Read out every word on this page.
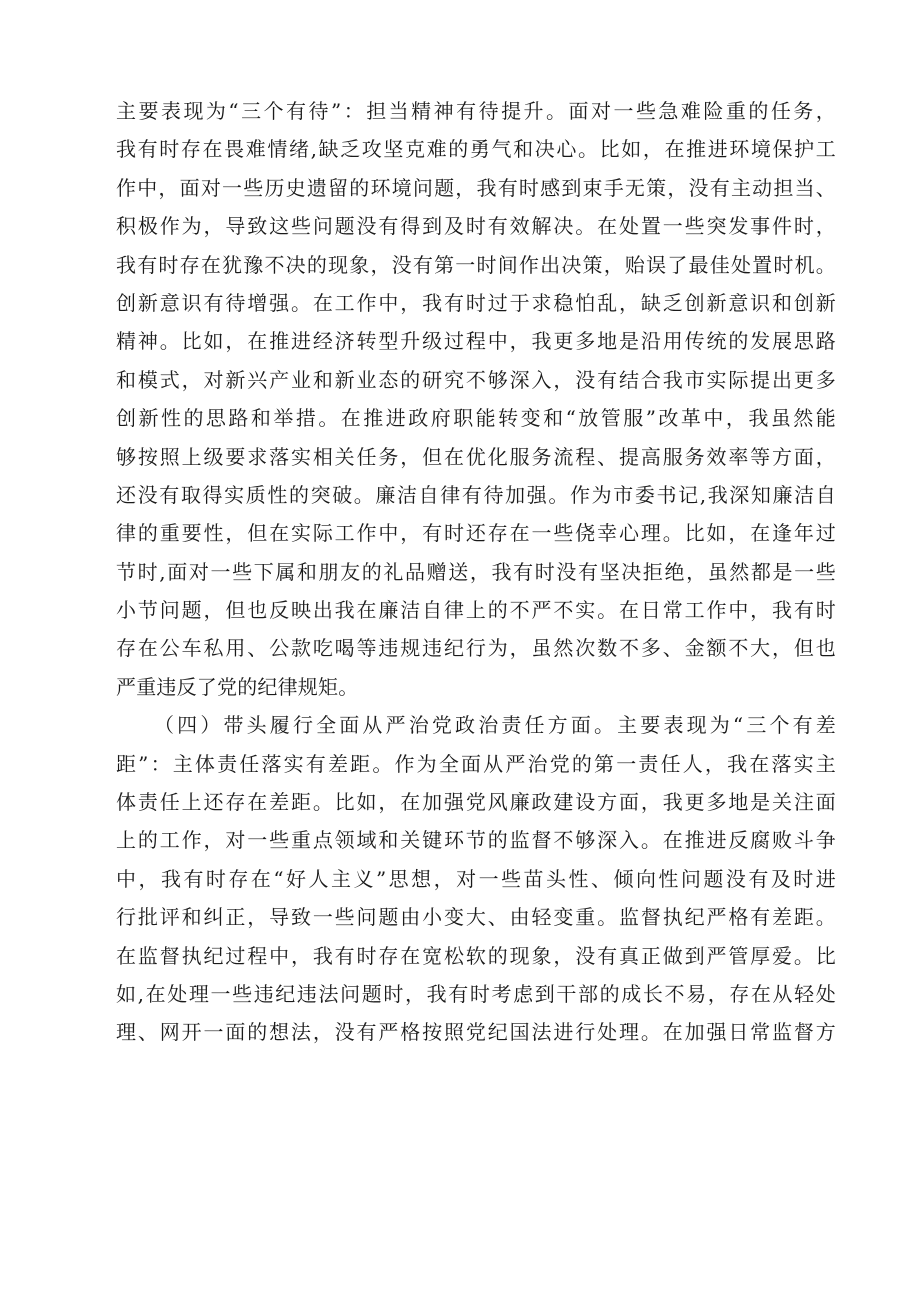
主要表现为“三个有待”：担当精神有待提升。面对一些急难险重的任务，
我有时存在畏难情绪,缺乏攻坚克难的勇气和决心。比如，在推进环境保护工
作中，面对一些历史遗留的环境问题，我有时感到束手无策，没有主动担当、
积极作为，导致这些问题没有得到及时有效解决。在处置一些突发事件时，
我有时存在犹豫不决的现象，没有第一时间作出决策，贻误了最佳处置时机。
创新意识有待增强。在工作中，我有时过于求稳怕乱，缺乏创新意识和创新
精神。比如，在推进经济转型升级过程中，我更多地是沿用传统的发展思路
和模式，对新兴产业和新业态的研究不够深入，没有结合我市实际提出更多
创新性的思路和举措。在推进政府职能转变和“放管服”改革中，我虽然能
够按照上级要求落实相关任务，但在优化服务流程、提高服务效率等方面，
还没有取得实质性的突破。廉洁自律有待加强。作为市委书记,我深知廉洁自
律的重要性，但在实际工作中，有时还存在一些侥幸心理。比如，在逢年过
节时,面对一些下属和朋友的礼品赠送，我有时没有坚决拒绝，虽然都是一些
小节问题，但也反映出我在廉洁自律上的不严不实。在日常工作中，我有时
存在公车私用、公款吃喝等违规违纪行为，虽然次数不多、金额不大，但也
严重违反了党的纪律规矩。
（四）带头履行全面从严治党政治责任方面。主要表现为“三个有差
距”：主体责任落实有差距。作为全面从严治党的第一责任人，我在落实主
体责任上还存在差距。比如，在加强党风廉政建设方面，我更多地是关注面
上的工作，对一些重点领域和关键环节的监督不够深入。在推进反腐败斗争
中，我有时存在“好人主义”思想，对一些苗头性、倾向性问题没有及时进
行批评和纠正，导致一些问题由小变大、由轻变重。监督执纪严格有差距。
在监督执纪过程中，我有时存在宽松软的现象，没有真正做到严管厚爱。比
如,在处理一些违纪违法问题时，我有时考虑到干部的成长不易，存在从轻处
理、网开一面的想法，没有严格按照党纪国法进行处理。在加强日常监督方
